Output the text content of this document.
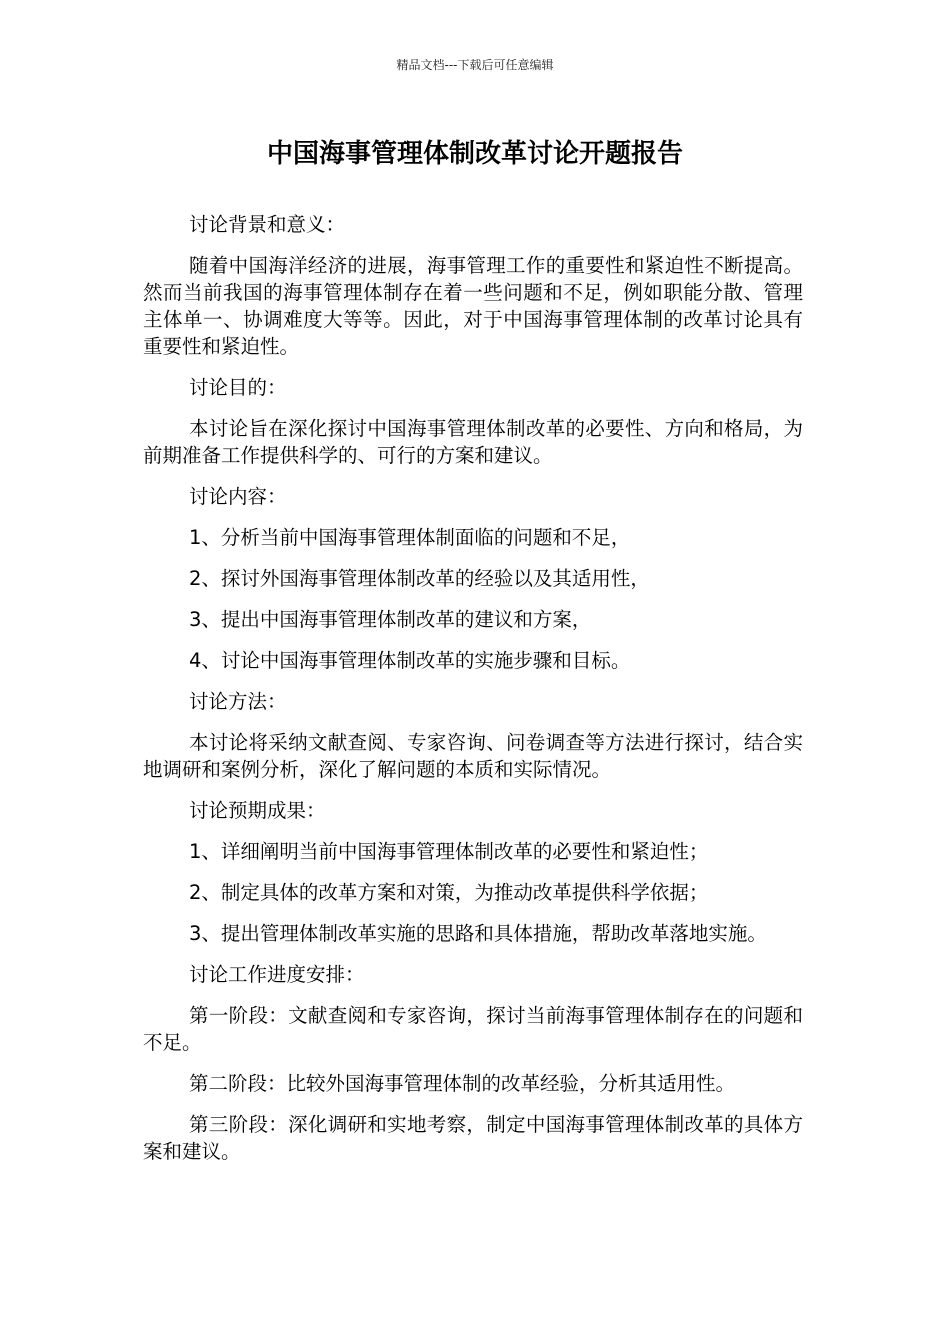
精品文档---下载后可任意编辑
中国海事管理体制改革讨论开题报告

讨论背景和意义：

随着中国海洋经济的进展，海事管理工作的重要性和紧迫性不断提高。然而当前我国的海事管理体制存在着一些问题和不足，例如职能分散、管理主体单一、协调难度大等等。因此，对于中国海事管理体制的改革讨论具有重要性和紧迫性。

讨论目的：

本讨论旨在深化探讨中国海事管理体制改革的必要性、方向和格局，为前期准备工作提供科学的、可行的方案和建议。

讨论内容：

1、分析当前中国海事管理体制面临的问题和不足，

2、探讨外国海事管理体制改革的经验以及其适用性，

3、提出中国海事管理体制改革的建议和方案，

4、讨论中国海事管理体制改革的实施步骤和目标。

讨论方法：

本讨论将采纳文献查阅、专家咨询、问卷调查等方法进行探讨，结合实地调研和案例分析，深化了解问题的本质和实际情况。

讨论预期成果：

1、详细阐明当前中国海事管理体制改革的必要性和紧迫性；

2、制定具体的改革方案和对策，为推动改革提供科学依据；

3、提出管理体制改革实施的思路和具体措施，帮助改革落地实施。

讨论工作进度安排：

第一阶段：文献查阅和专家咨询，探讨当前海事管理体制存在的问题和不足。

第二阶段：比较外国海事管理体制的改革经验，分析其适用性。

第三阶段：深化调研和实地考察，制定中国海事管理体制改革的具体方案和建议。
